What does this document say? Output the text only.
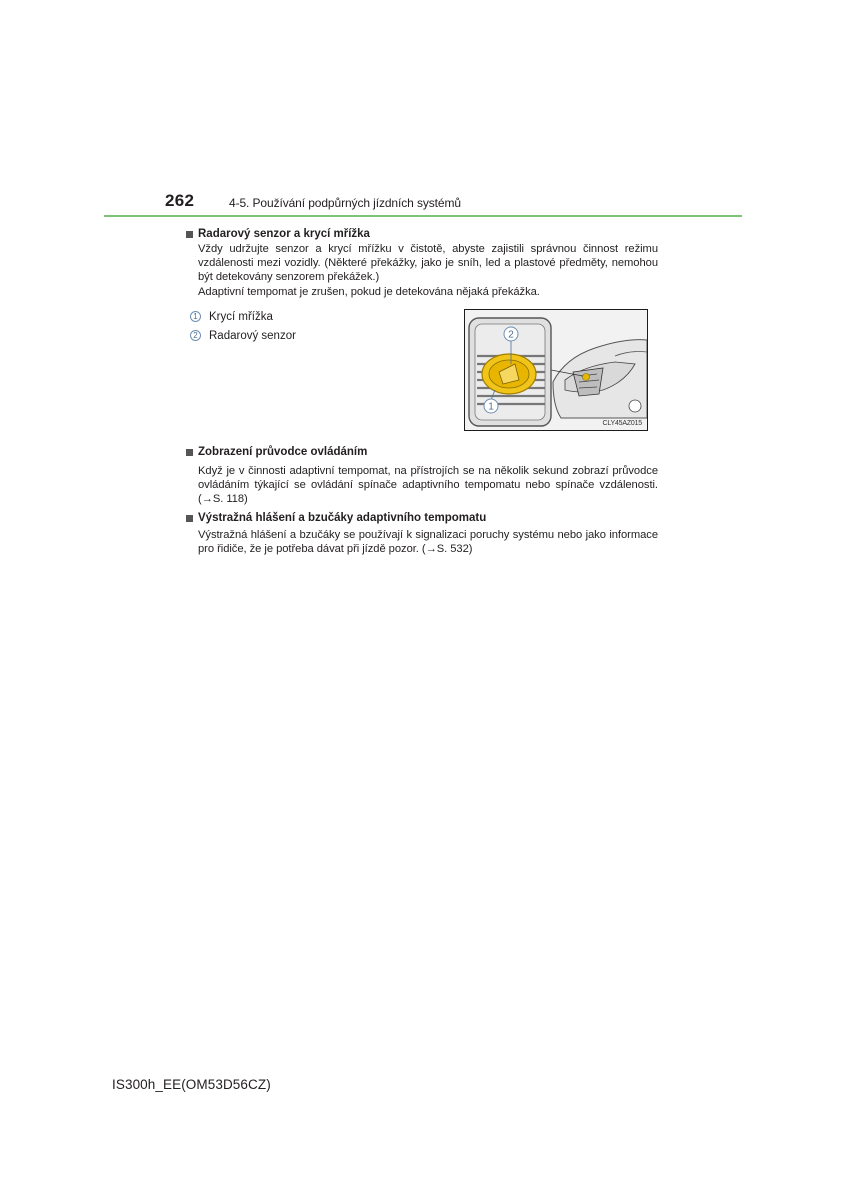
262	4-5. Používání podpůrných jízdních systémů
Radarový senzor a krycí mřížka

Vždy udržujte senzor a krycí mřížku v čistotě, abyste zajistili správnou činnost režimu vzdálenosti mezi vozidly. (Některé překážky, jako je sníh, led a plastové předměty, nemohou být detekovány senzorem překážek.)

Adaptivní tempomat je zrušen, pokud je detekována nějaká překážka.

1 Krycí mřížka
2 Radarový senzor	2
1
CLY45AZ015
Zobrazení průvodce ovládáním

Když je v činnosti adaptivní tempomat, na přístrojích se na několik sekund zobrazí průvodce ovládáním týkající se ovládání spínače adaptivního tempomatu nebo spínače vzdálenosti. (→S. 118)

Výstražná hlášení a bzučáky adaptivního tempomatu

Výstražná hlášení a bzučáky se používají k signalizaci poruchy systému nebo jako informace pro řidiče, že je potřeba dávat při jízdě pozor. (→S. 532)

IS300h_EE(OM53D56CZ)
